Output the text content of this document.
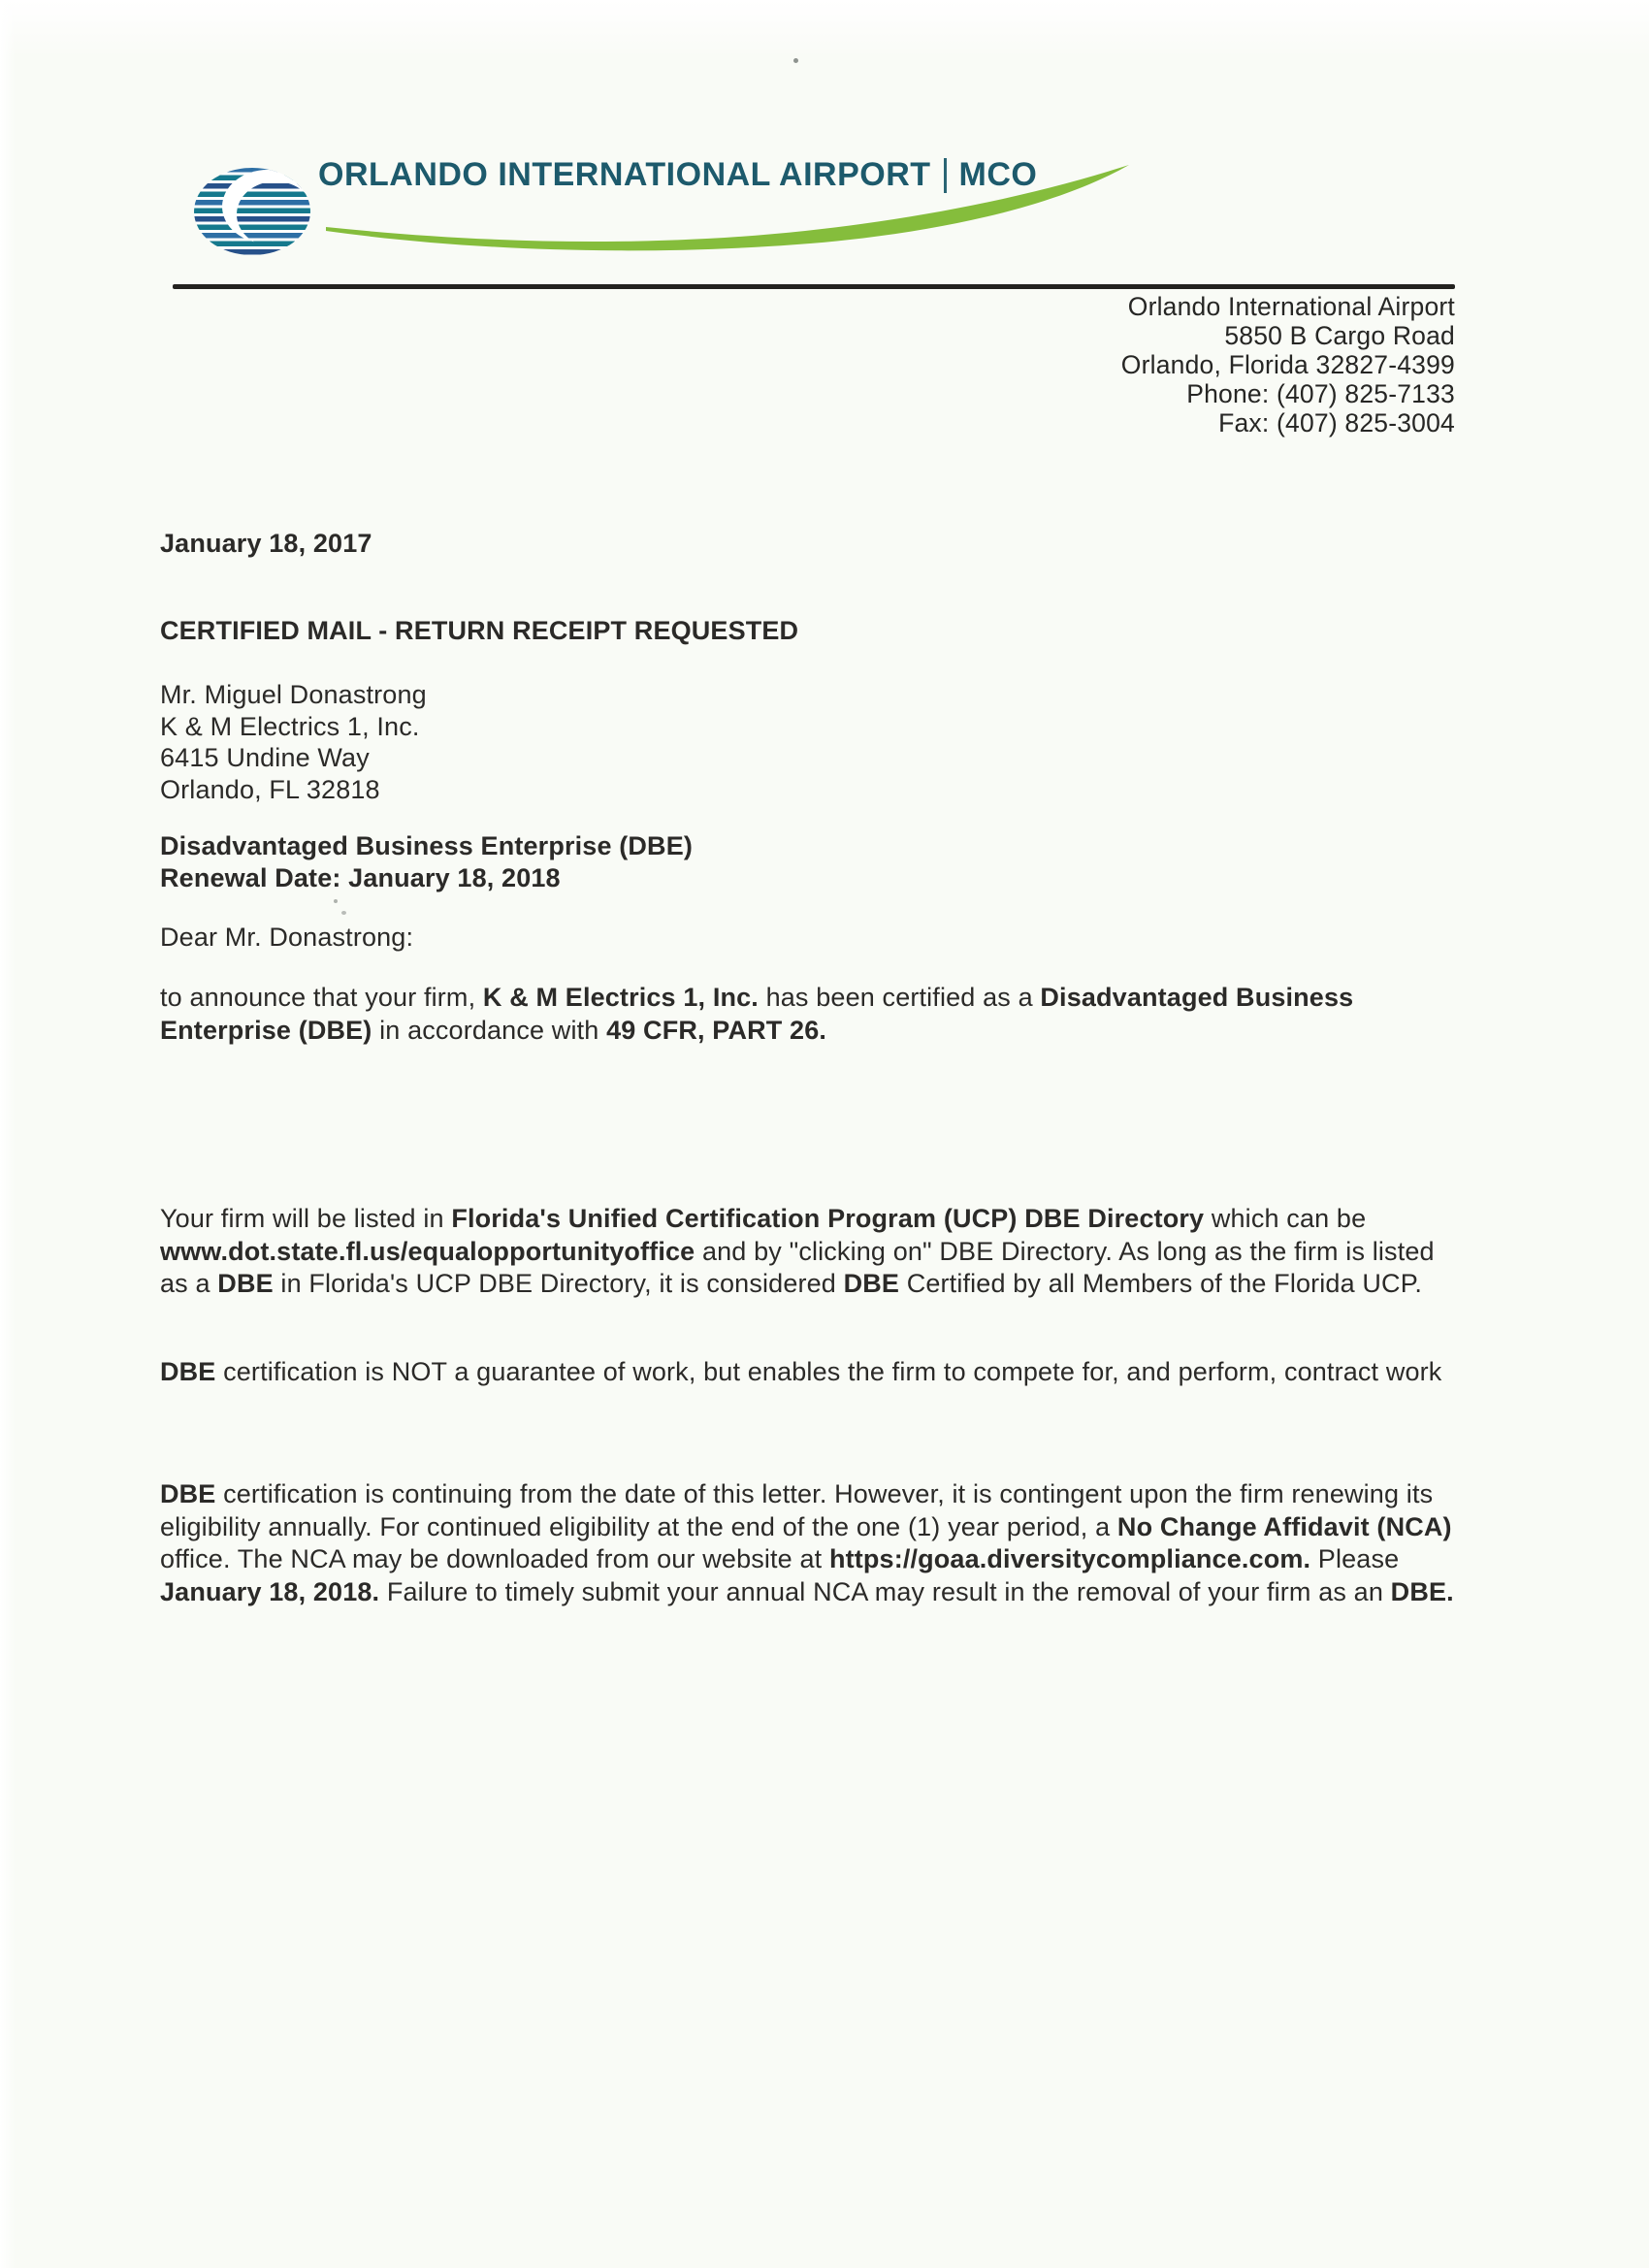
ORLANDO INTERNATIONAL AIRPORT MCO
Orlando International Airport
5850 B Cargo Road
Orlando, Florida 32827-4399
Phone: (407) 825-7133
Fax: (407) 825-3004
January 18, 2017
CERTIFIED MAIL - RETURN RECEIPT REQUESTED
Mr. Miguel Donastrong
K & M Electrics 1, Inc.
6415 Undine Way
Orlando, FL 32818
Disadvantaged Business Enterprise (DBE)
Renewal Date: January 18, 2018
Dear Mr. Donastrong:
to announce that your firm, K & M Electrics 1, Inc. has been certified as a Disadvantaged Business
Enterprise (DBE) in accordance with 49 CFR, PART 26.
Your firm will be listed in Florida's Unified Certification Program (UCP) DBE Directory which can be
www.dot.state.fl.us/equalopportunityoffice and by "clicking on" DBE Directory. As long as the firm is listed
as a DBE in Florida's UCP DBE Directory, it is considered DBE Certified by all Members of the Florida UCP.
DBE certification is NOT a guarantee of work, but enables the firm to compete for, and perform, contract work
DBE certification is continuing from the date of this letter. However, it is contingent upon the firm renewing its
eligibility annually. For continued eligibility at the end of the one (1) year period, a No Change Affidavit (NCA)
office. The NCA may be downloaded from our website at https://goaa.diversitycompliance.com. Please
January 18, 2018. Failure to timely submit your annual NCA may result in the removal of your firm as an DBE.
